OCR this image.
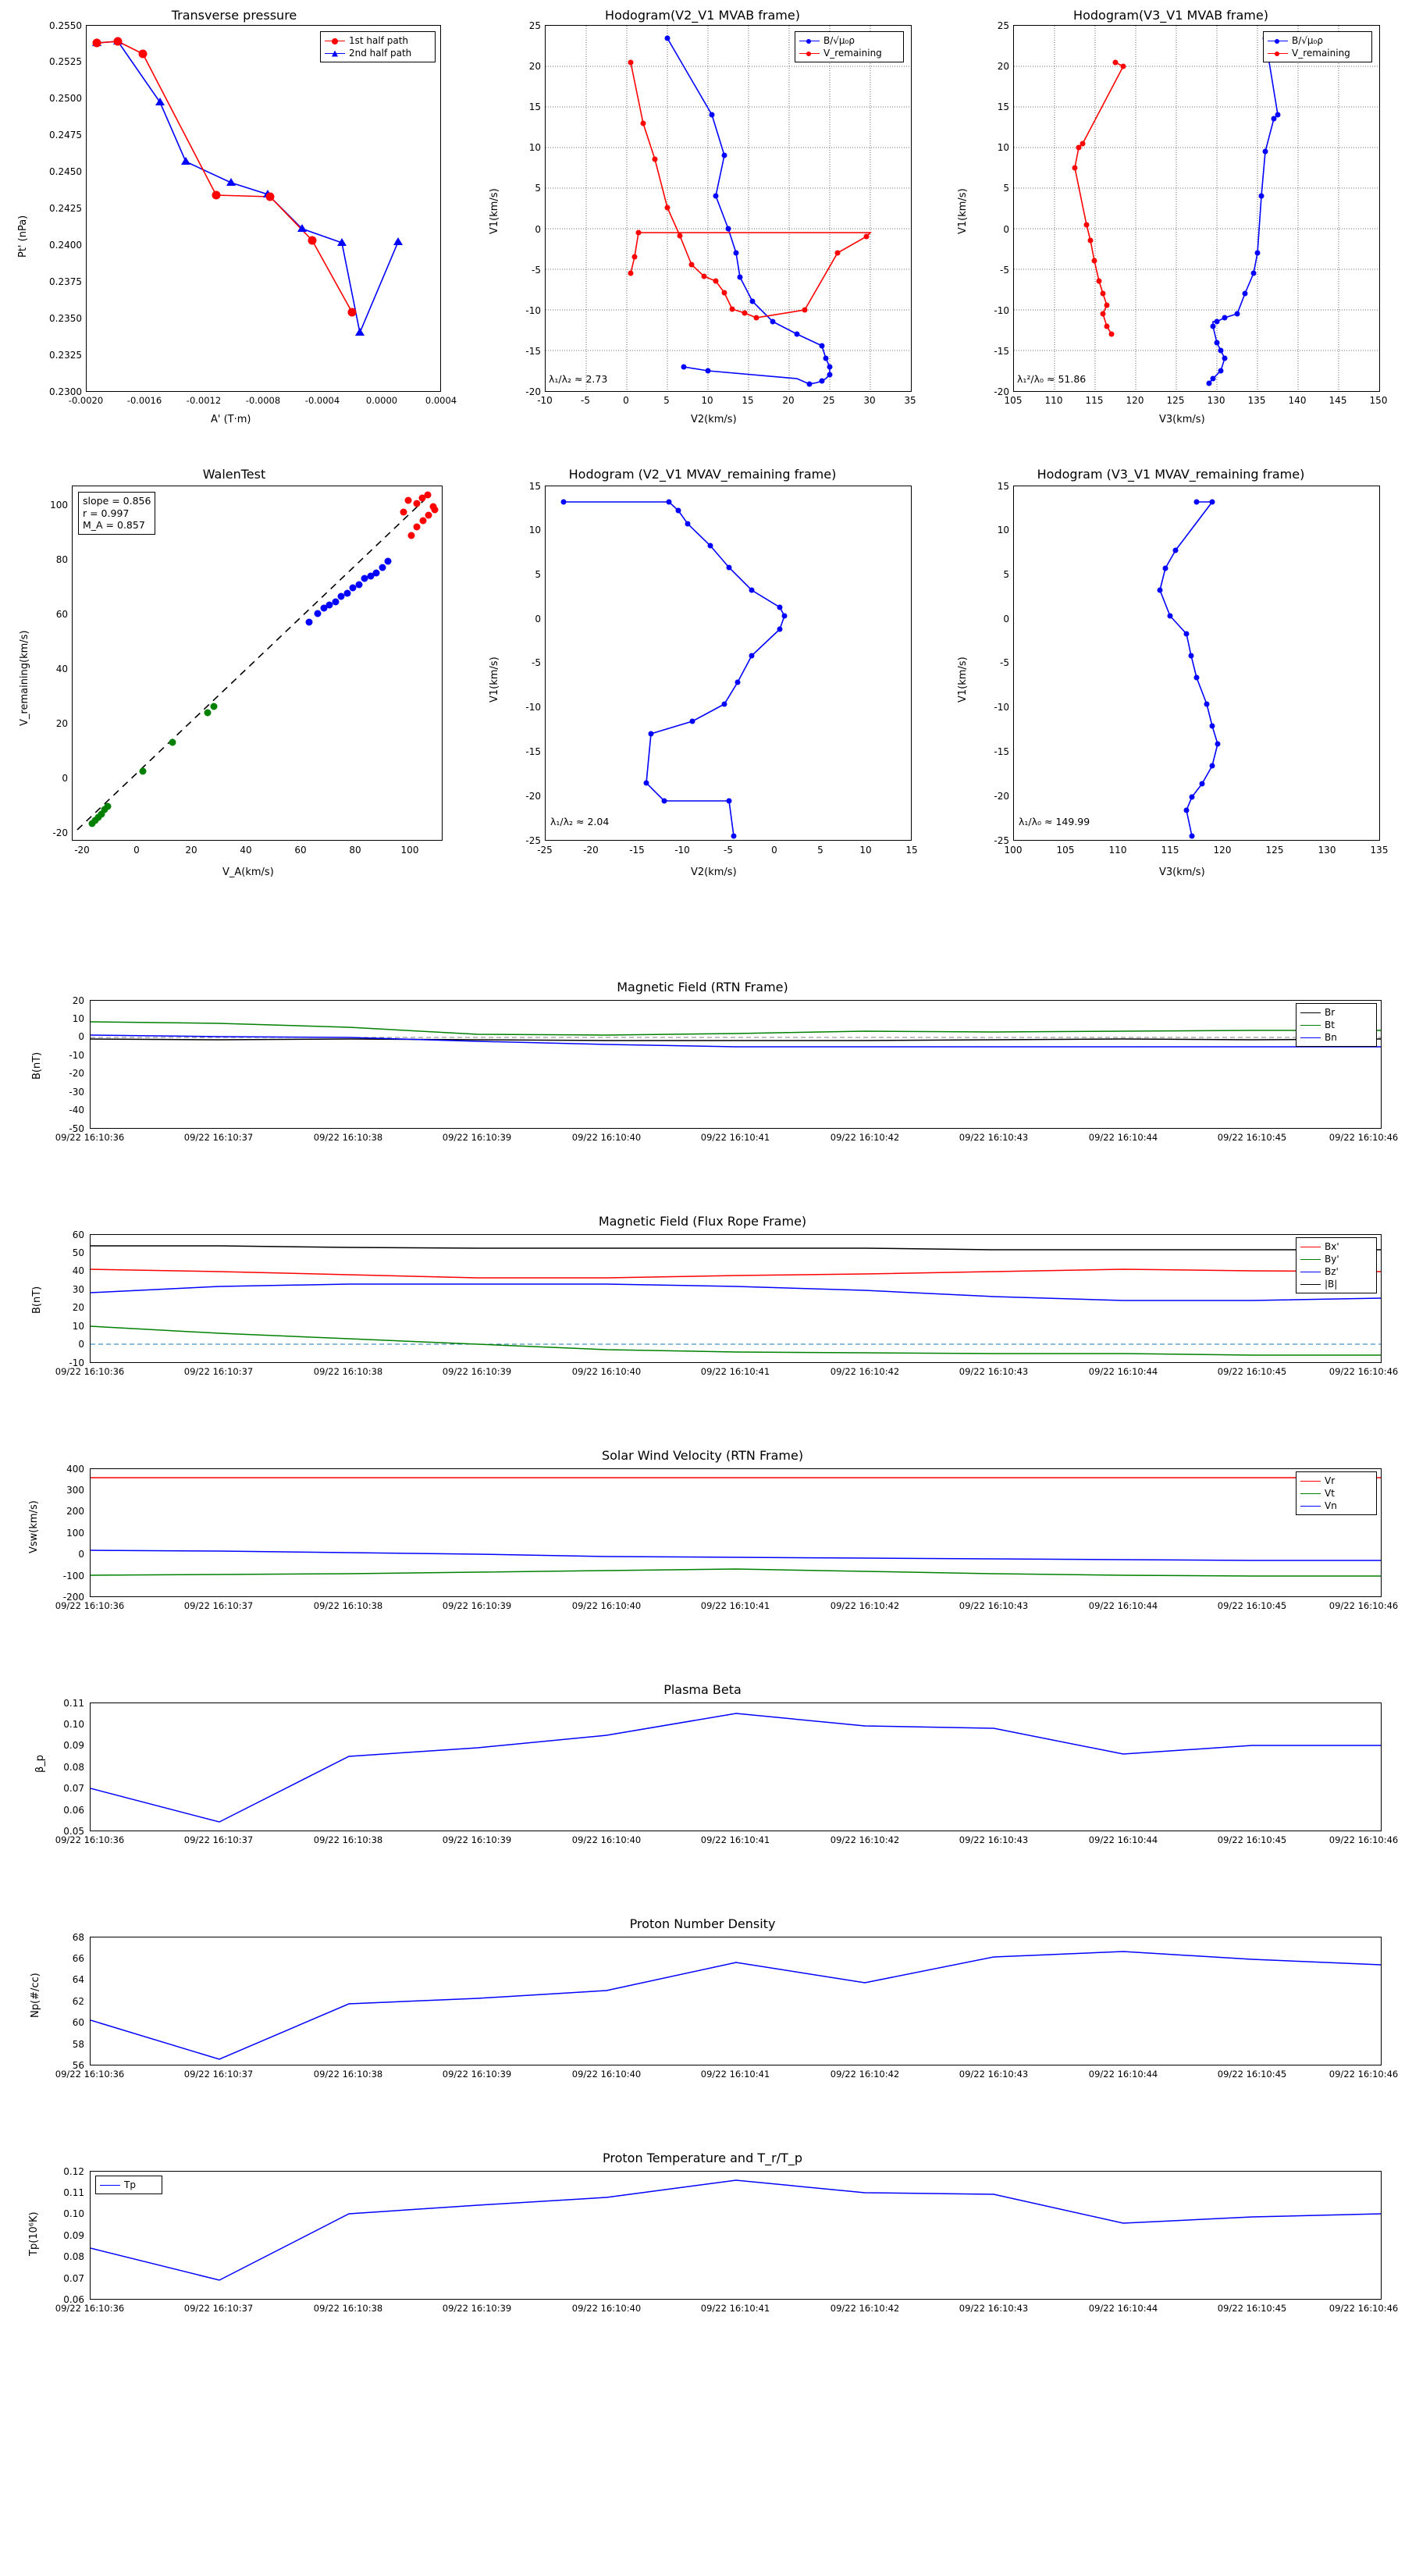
Transverse pressure
1st half path
2nd half path
Pt' (nPa)
A' (T·m)
0.2300
0.2325
0.2350
0.2375
0.2400
0.2425
0.2450
0.2475
0.2500
0.2525
0.2550
-0.0020	-0.0016	-0.0012	-0.0008	-0.0004	0.0000	0.0004
Hodogram(V2_V1 MVAB frame)
B/√μ₀ρ
V_remaining
λ₁/λ₂ ≈ 2.73
V1(km/s)
V2(km/s)
-20
-15
-10
-5
0
5
10
15
20
25
-10	-5	0	5	10	15	20	25	30	35
Hodogram(V3_V1 MVAB frame)
B/√μ₀ρ
V_remaining
λ₁²/λ₀ ≈ 51.86
V1(km/s)
V3(km/s)
-20
-15
-10
-5
0
5
10
15
20
25
105 110 115 120 125 130 135 140 145 150
WalenTest
slope = 0.856
r = 0.997
M_A = 0.857
V_remaining(km/s)
V_A(km/s)
-20
0
20
40
60
80
100
-20	0	20	40	60	80	100
Hodogram (V2_V1 MVAV_remaining frame)
λ₁/λ₂ ≈ 2.04
V1(km/s)
V2(km/s)
-25
-20
-15
-10
-5
0
5
10
15
-25	-20	-15	-10	-5	0	5	10	15
Hodogram (V3_V1 MVAV_remaining frame)
λ₁/λ₀ ≈ 149.99
V1(km/s)
V3(km/s)
-25
-20
-15
-10
-5
0
5
10
15
100	105	110	115	120	125	130	135
Magnetic Field (RTN Frame)
Br
Bt
Bn
B(nT)
-50
-40
-30
-20
-10
0
10
20
09/22 16:10:36	09/22 16:10:37	09/22 16:10:38	09/22 16:10:39	09/22 16:10:40	09/22 16:10:41	09/22 16:10:42	09/22 16:10:43	09/22 16:10:44	09/22 16:10:45	09/22 16:10:46
Magnetic Field (Flux Rope Frame)
Bx'
By'
Bz'
|B|
B(nT)
-10
0
10
20
30
40
50
60
09/22 16:10:36	09/22 16:10:37	09/22 16:10:38	09/22 16:10:39	09/22 16:10:40	09/22 16:10:41	09/22 16:10:42	09/22 16:10:43	09/22 16:10:44	09/22 16:10:45	09/22 16:10:46
Solar Wind Velocity (RTN Frame)
Vr
Vt
Vn
Vsw(km/s)
-200
-100
0
100
200
300
400
09/22 16:10:36	09/22 16:10:37	09/22 16:10:38	09/22 16:10:39	09/22 16:10:40	09/22 16:10:41	09/22 16:10:42	09/22 16:10:43	09/22 16:10:44	09/22 16:10:45	09/22 16:10:46
Plasma Beta
β_p
0.05
0.06
0.07
0.08
0.09
0.10
0.11
09/22 16:10:36	09/22 16:10:37	09/22 16:10:38	09/22 16:10:39	09/22 16:10:40	09/22 16:10:41	09/22 16:10:42	09/22 16:10:43	09/22 16:10:44	09/22 16:10:45	09/22 16:10:46
Proton Number Density
Np(#/cc)
56
58
60
62
64
66
68
09/22 16:10:36	09/22 16:10:37	09/22 16:10:38	09/22 16:10:39	09/22 16:10:40	09/22 16:10:41	09/22 16:10:42	09/22 16:10:43	09/22 16:10:44	09/22 16:10:45	09/22 16:10:46
Proton Temperature and T_r/T_p
Tp
Tp(10⁶K)
0.06
0.07
0.08
0.09
0.10
0.11
0.12
09/22 16:10:36	09/22 16:10:37	09/22 16:10:38	09/22 16:10:39	09/22 16:10:40	09/22 16:10:41	09/22 16:10:42	09/22 16:10:43	09/22 16:10:44	09/22 16:10:45	09/22 16:10:46
